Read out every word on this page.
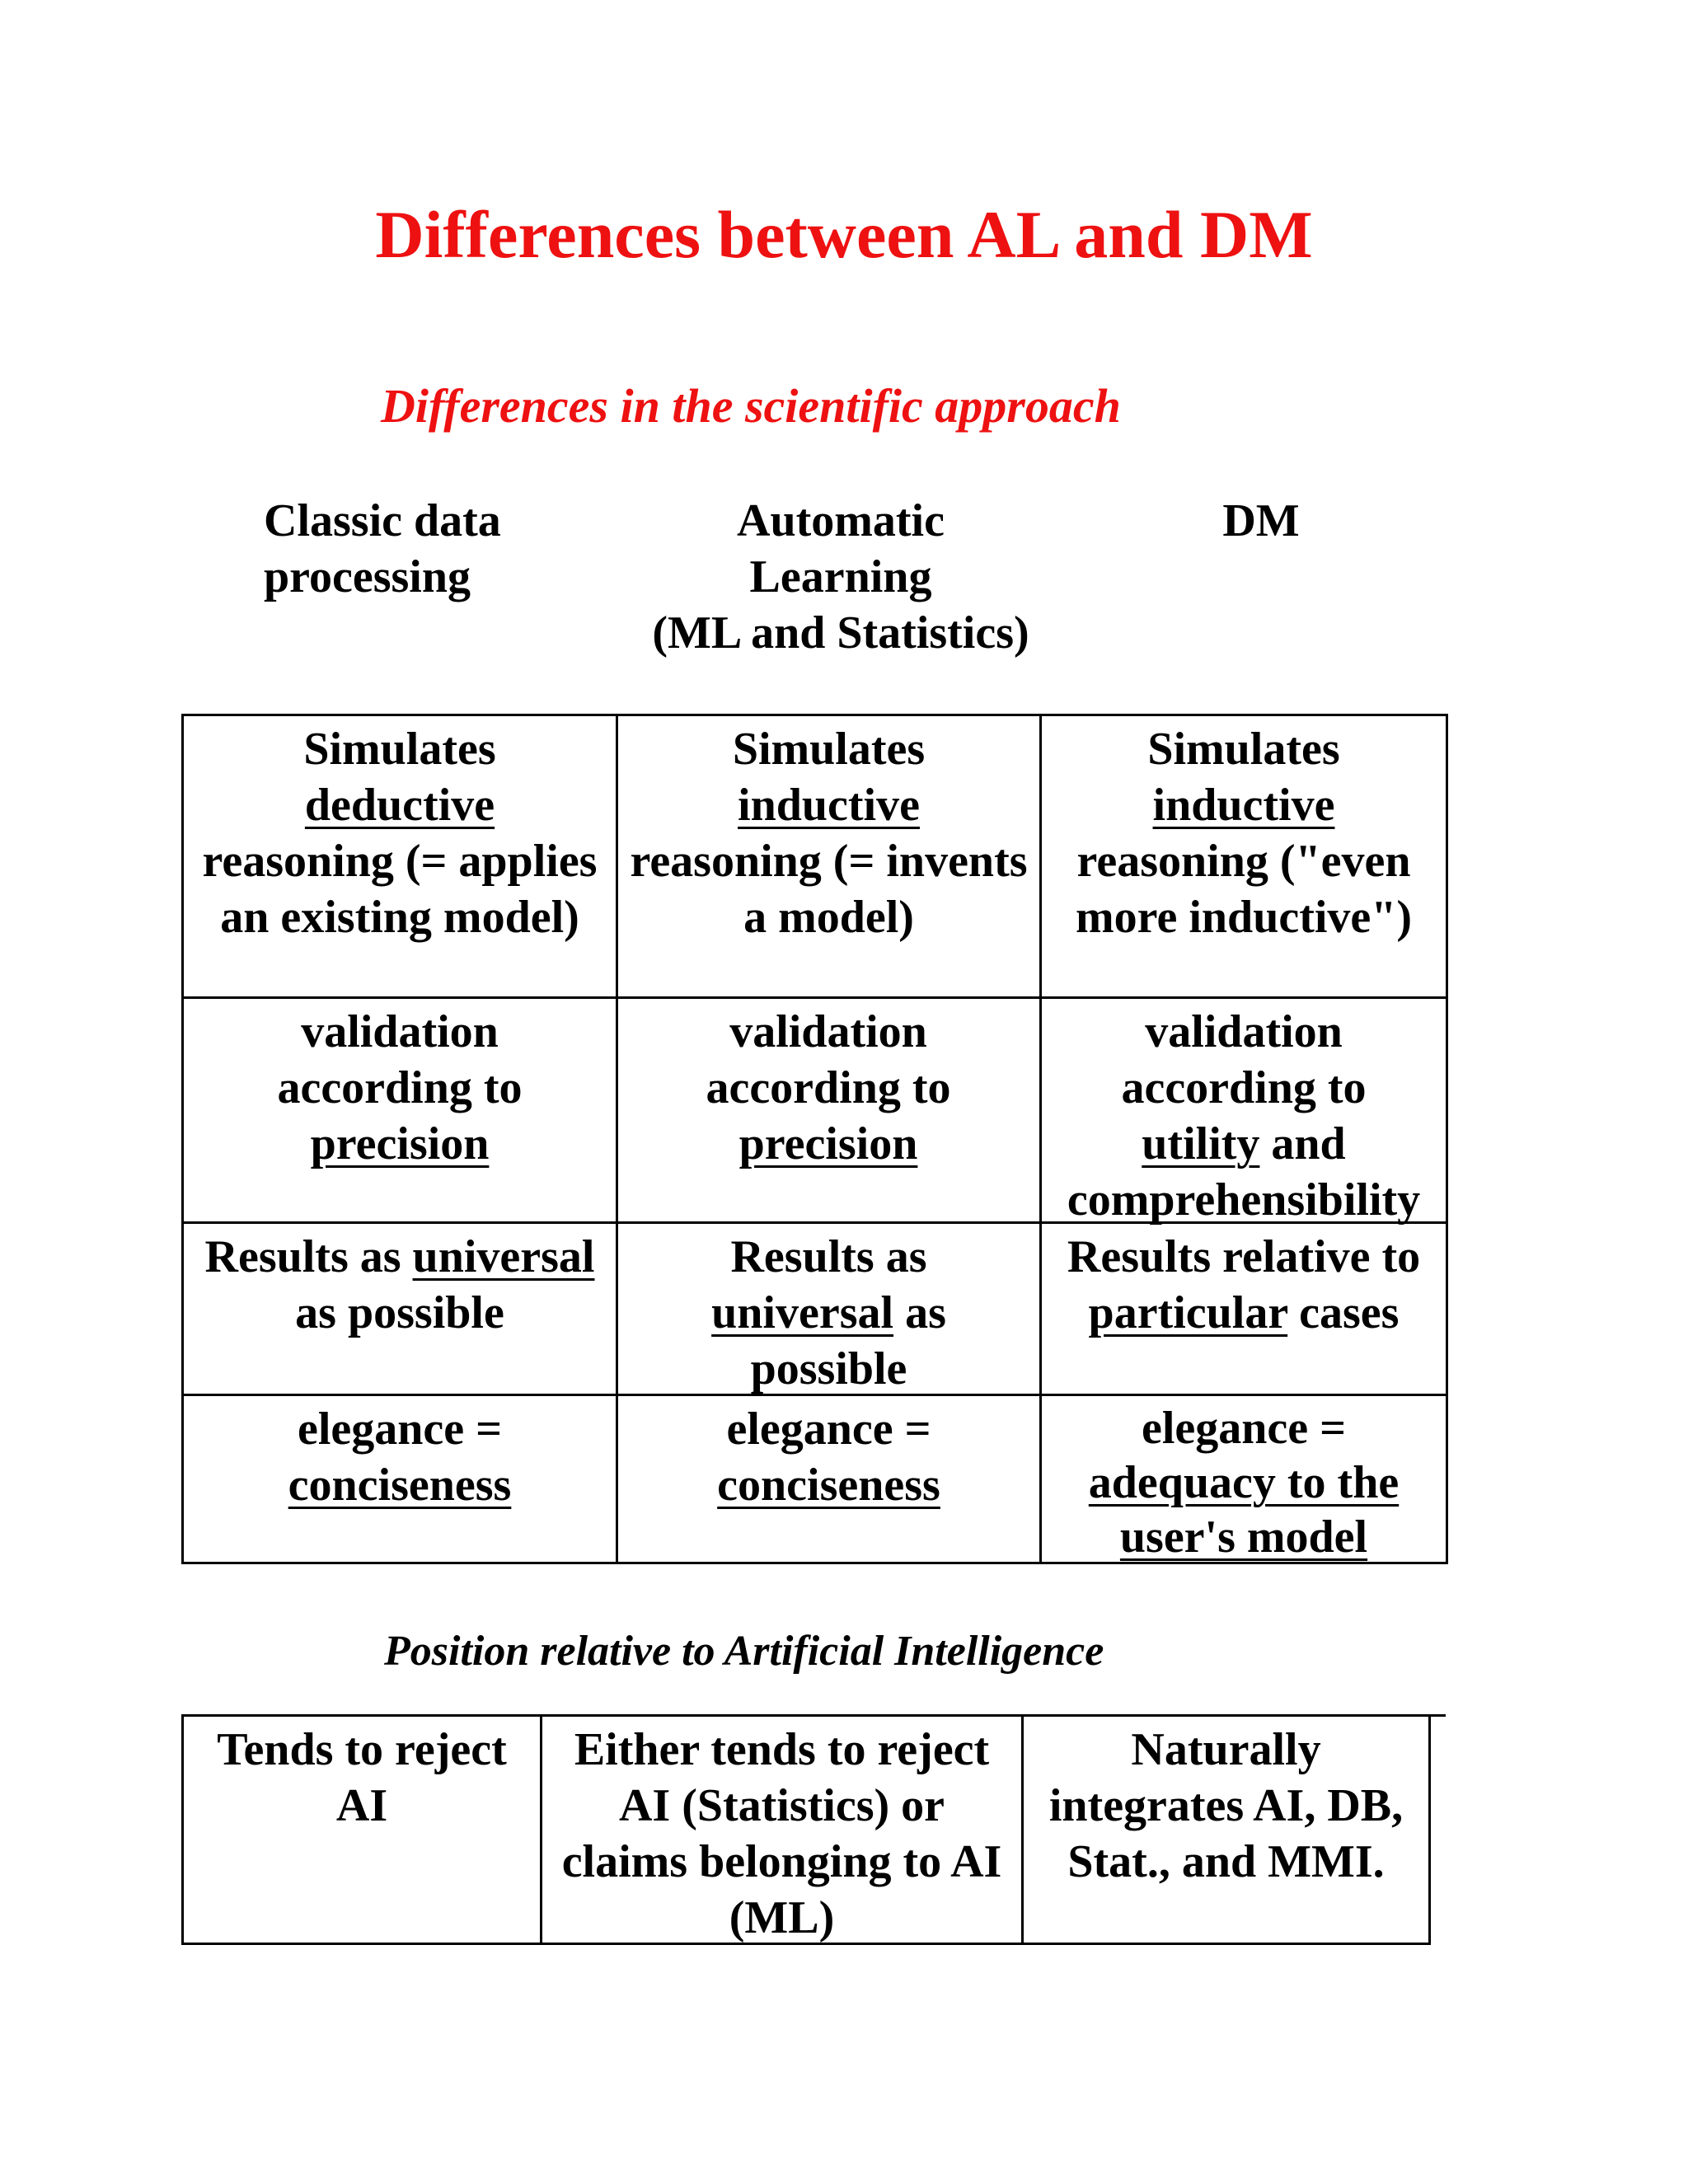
Differences between AL and DM
Differences in the scientific approach
Classic data processing
Automatic
Learning
(ML and Statistics)
DM
Simulates
deductive
reasoning (= applies an existing model)
Simulates
inductive
reasoning (= invents a model)
Simulates
inductive
reasoning ("even more inductive")
validation according to
precision
validation according to
precision
validation according to
utility and
comprehensibility
Results as universal
as possible
Results as
universal as possible
Results relative to
particular cases
elegance =
conciseness
elegance =
conciseness
elegance =
adequacy to the user's model
Position relative to Artificial Intelligence
Tends to reject AI
Either tends to reject AI (Statistics) or claims belonging to AI (ML)
Naturally integrates AI, DB, Stat., and MMI.
